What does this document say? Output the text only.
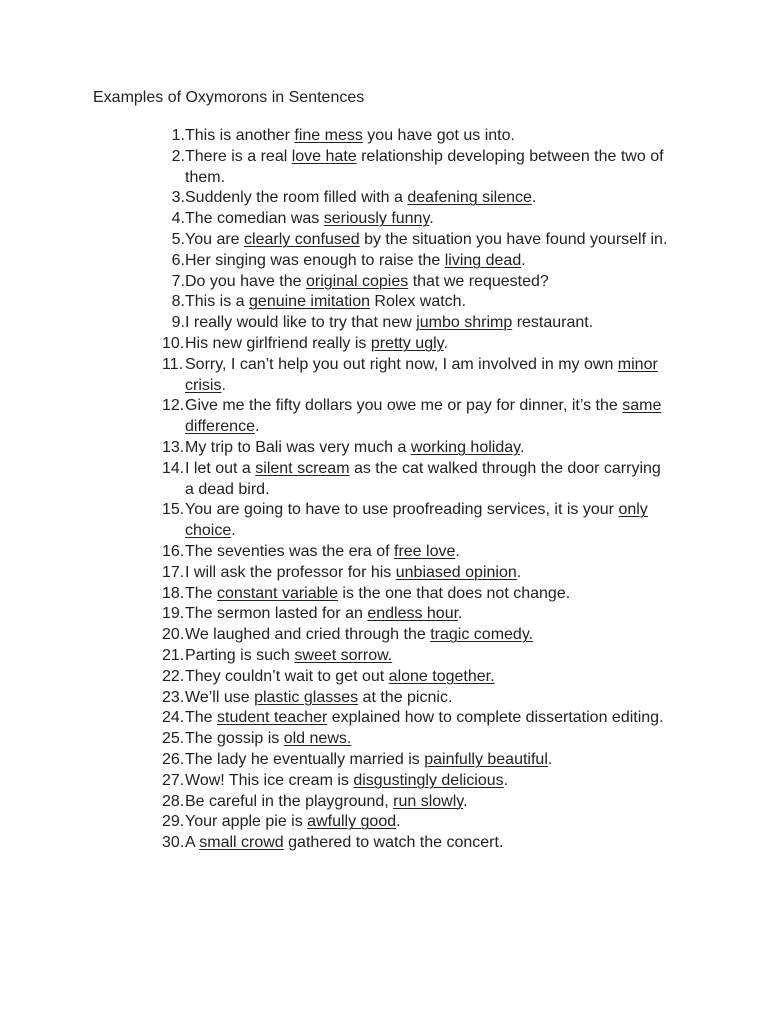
Examples of Oxymorons in Sentences
1. This is another fine mess you have got us into.
2. There is a real love hate relationship developing between the two of them.
3. Suddenly the room filled with a deafening silence.
4. The comedian was seriously funny.
5. You are clearly confused by the situation you have found yourself in.
6. Her singing was enough to raise the living dead.
7. Do you have the original copies that we requested?
8. This is a genuine imitation Rolex watch.
9. I really would like to try that new jumbo shrimp restaurant.
10. His new girlfriend really is pretty ugly.
11. Sorry, I can’t help you out right now, I am involved in my own minor crisis.
12. Give me the fifty dollars you owe me or pay for dinner, it’s the same difference.
13. My trip to Bali was very much a working holiday.
14. I let out a silent scream as the cat walked through the door carrying a dead bird.
15. You are going to have to use proofreading services, it is your only choice.
16. The seventies was the era of free love.
17. I will ask the professor for his unbiased opinion.
18. The constant variable is the one that does not change.
19. The sermon lasted for an endless hour.
20. We laughed and cried through the tragic comedy.
21. Parting is such sweet sorrow.
22. They couldn’t wait to get out alone together.
23. We’ll use plastic glasses at the picnic.
24. The student teacher explained how to complete dissertation editing.
25. The gossip is old news.
26. The lady he eventually married is painfully beautiful.
27. Wow! This ice cream is disgustingly delicious.
28. Be careful in the playground, run slowly.
29. Your apple pie is awfully good.
30. A small crowd gathered to watch the concert.
